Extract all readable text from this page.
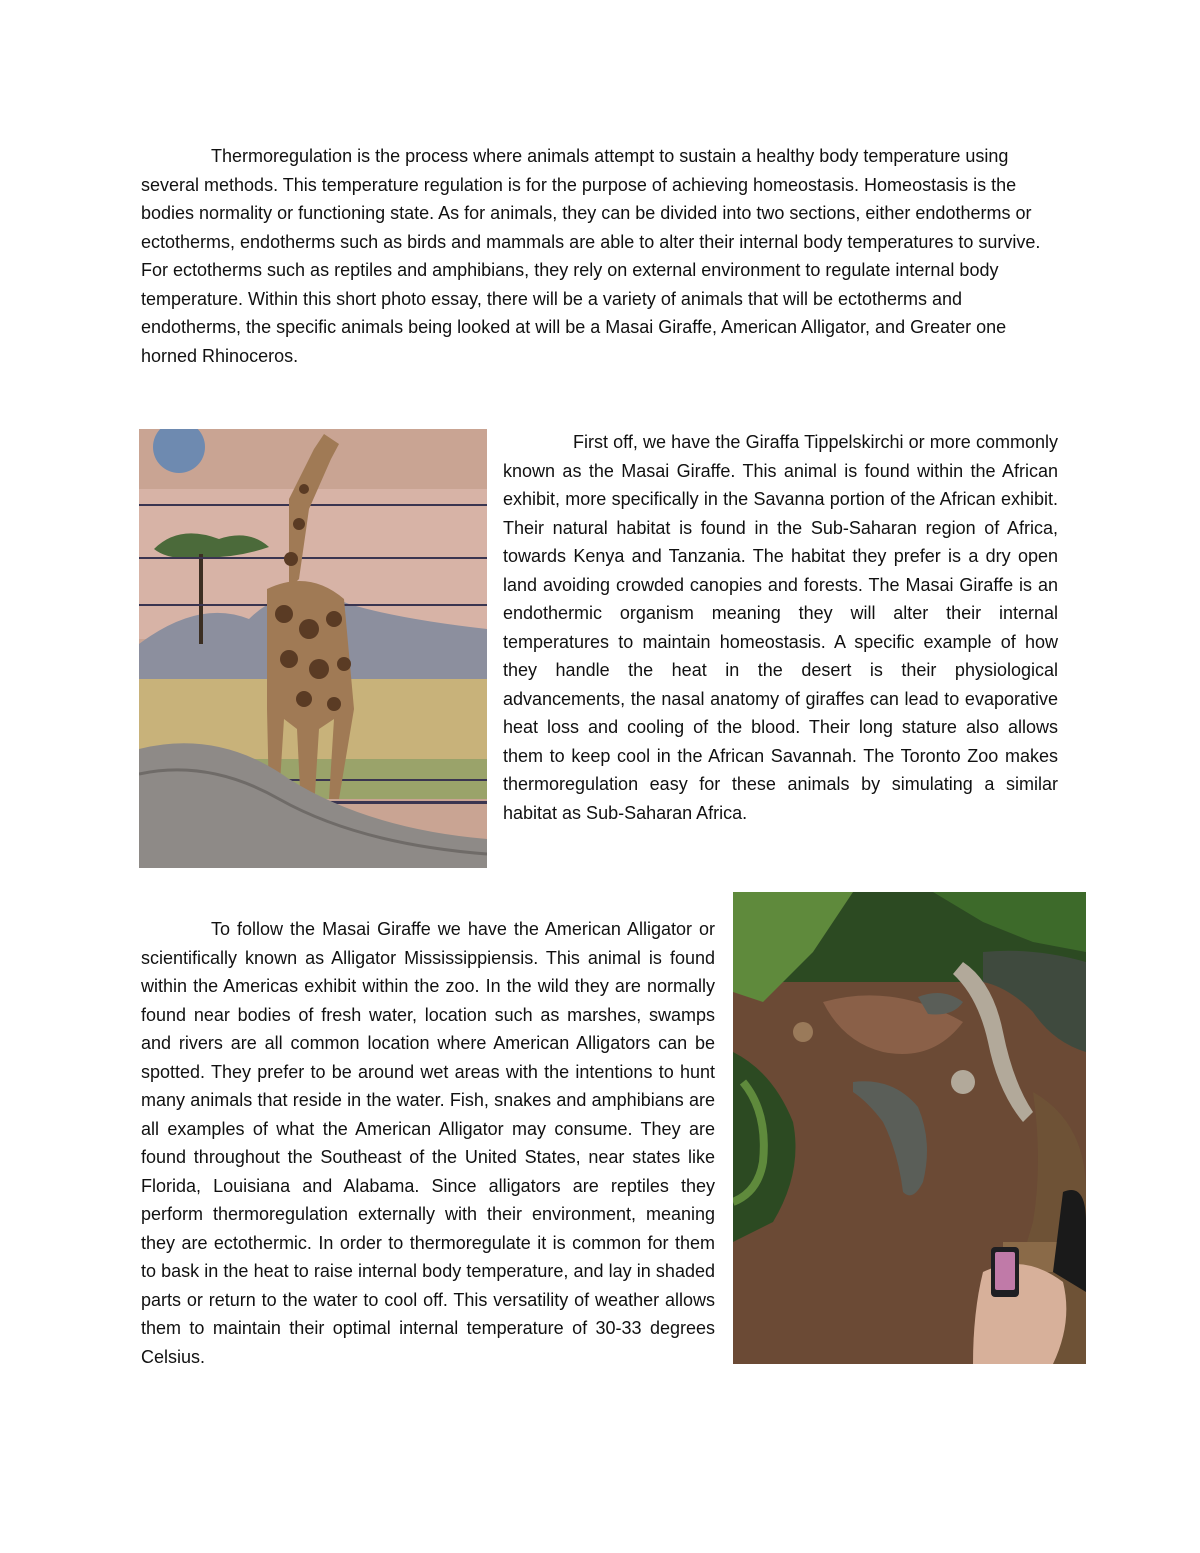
Thermoregulation is the process where animals attempt to sustain a healthy body temperature using several methods. This temperature regulation is for the purpose of achieving homeostasis. Homeostasis is the bodies normality or functioning state. As for animals, they can be divided into two sections, either endotherms or ectotherms, endotherms such as birds and mammals are able to alter their internal body temperatures to survive. For ectotherms such as reptiles and amphibians, they rely on external environment to regulate internal body temperature. Within this short photo essay, there will be a variety of animals that will be ectotherms and endotherms, the specific animals being looked at will be a Masai Giraffe, American Alligator, and Greater one horned Rhinoceros.

First off, we have the Giraffa Tippelskirchi or more commonly known as the Masai Giraffe. This animal is found within the African exhibit, more specifically in the Savanna portion of the African exhibit. Their natural habitat is found in the Sub-Saharan region of Africa, towards Kenya and Tanzania. The habitat they prefer is a dry open land avoiding crowded canopies and forests. The Masai Giraffe is an endothermic organism meaning they will alter their internal temperatures to maintain homeostasis. A specific example of how they handle the heat in the desert is their physiological advancements, the nasal anatomy of giraffes can lead to evaporative heat loss and cooling of the blood. Their long stature also allows them to keep cool in the African Savannah. The Toronto Zoo makes thermoregulation easy for these animals by simulating a similar habitat as Sub-Saharan Africa.

To follow the Masai Giraffe we have the American Alligator or scientifically known as Alligator Mississippiensis. This animal is found within the Americas exhibit within the zoo. In the wild they are normally found near bodies of fresh water, location such as marshes, swamps and rivers are all common location where American Alligators can be spotted. They prefer to be around wet areas with the intentions to hunt many animals that reside in the water. Fish, snakes and amphibians are all examples of what the American Alligator may consume. They are found throughout the Southeast of the United States, near states like Florida, Louisiana and Alabama. Since alligators are reptiles they perform thermoregulation externally with their environment, meaning they are ectothermic. In order to thermoregulate it is common for them to bask in the heat to raise internal body temperature, and lay in shaded parts or return to the water to cool off. This versatility of weather allows them to maintain their optimal internal temperature of 30-33 degrees Celsius.
